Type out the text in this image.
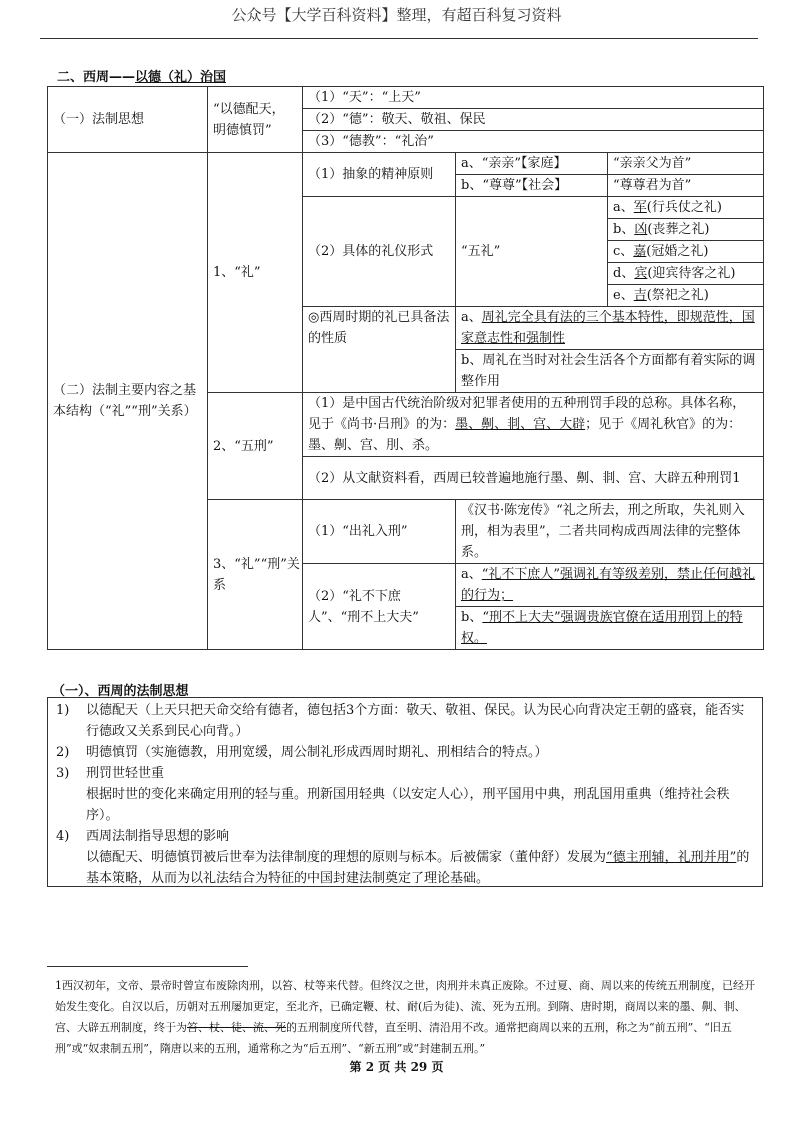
公众号【大学百科资料】整理，有超百科复习资料
二、西周——以德（礼）治国
（一）法制思想	“以德配天，明德慎罚”	（1）“天”：“上天”		
		（2）“德”：敬天、敬祖、保民		
		（3）“德教”：“礼治”		
（二）法制主要内容之基本结构（“礼”“刑”关系）	1、“礼”	（1）抽象的精神原则	a、“亲亲”【家庭】	“亲亲父为首”
			b、“尊尊”【社会】	“尊尊君为首”
		（2）具体的礼仪形式	“五礼”	a、军(行兵仗之礼)
				b、凶(丧葬之礼)
				c、嘉(冠婚之礼)
				d、宾(迎宾待客之礼)
				e、吉(祭祀之礼)
		◎西周时期的礼已具备法的性质	a、周礼完全具有法的三个基本特性，即规范性，国家意志性和强制性	
			b、周礼在当时对社会生活各个方面都有着实际的调整作用	
	2、“五刑”	（1）是中国古代统治阶级对犯罪者使用的五种刑罚手段的总称。具体名称，见于《尚书·吕刑》的为：墨、劓、剕、宫、大辟；见于《周礼秋官》的为：墨、劓、宫、刖、杀。		
		（2）从文献资料看，西周已较普遍地施行墨、劓、剕、宫、大辟五种刑罚1		
	3、“礼”“刑”关系	（1）“出礼入刑”	《汉书·陈宠传》“礼之所去，刑之所取，失礼则入刑，相为表里”，二者共同构成西周法律的完整体系。	
		（2）“礼不下庶人”、“刑不上大夫”	a、“礼不下庶人”强调礼有等级差别，禁止任何越礼的行为；	
			b、“刑不上大夫”强调贵族官僚在适用刑罚上的特权。	
（一）、西周的法制思想
1) 以德配天（上天只把天命交给有德者，德包括3个方面：敬天、敬祖、保民。认为民心向背决定王朝的盛衰，能否实行德政又关系到民心向背。）
2) 明德慎罚（实施德教，用刑宽缓，周公制礼形成西周时期礼、刑相结合的特点。）
3) 刑罚世轻世重
根据时世的变化来确定用刑的轻与重。刑新国用轻典（以安定人心），刑平国用中典，刑乱国用重典（维持社会秩序）。
4) 西周法制指导思想的影响
以德配天、明德慎罚被后世奉为法律制度的理想的原则与标本。后被儒家（董仲舒）发展为“德主刑辅，礼刑并用”的基本策略，从而为以礼法结合为特征的中国封建法制奠定了理论基础。
1西汉初年，文帝、景帝时曾宣布废除肉刑，以笞、杖等来代替。但终汉之世，肉刑并未真正废除。不过夏、商、周以来的传统五刑制度，已经开始发生变化。自汉以后，历朝对五刑屡加更定，至北齐，已确定鞭、杖、耐(后为徒)、流、死为五刑。到隋、唐时期，商周以来的墨、劓、剕、宫、大辟五刑制度，终于为笞、杖、徒、流、死的五刑制度所代替，直至明、清沿用不改。通常把商周以来的五刑，称之为“前五刑”、“旧五刑”或“奴隶制五刑”，隋唐以来的五刑，通常称之为“后五刑”、“新五刑”或“封建制五刑。”
第 2 页 共 29 页
